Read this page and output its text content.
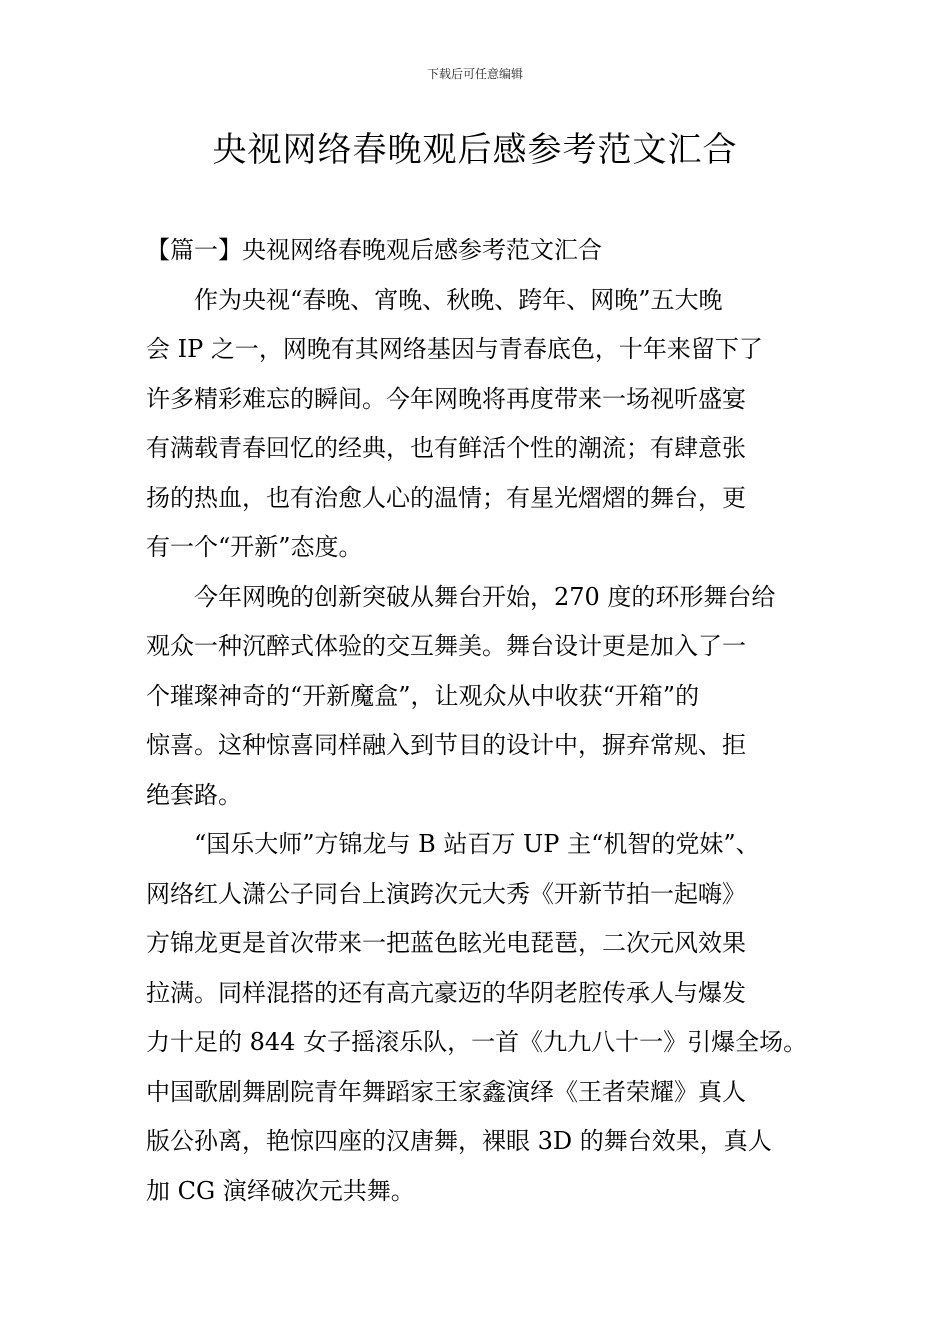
下载后可任意编辑
央视网络春晚观后感参考范文汇合
【篇一】央视网络春晚观后感参考范文汇合
作为央视“春晚、宵晚、秋晚、跨年、网晚”五大晚
会 IP 之一，网晚有其网络基因与青春底色，十年来留下了
许多精彩难忘的瞬间。今年网晚将再度带来一场视听盛宴
有满载青春回忆的经典，也有鲜活个性的潮流；有肆意张
扬的热血，也有治愈人心的温情；有星光熠熠的舞台，更
有一个“开新”态度。
今年网晚的创新突破从舞台开始，270 度的环形舞台给
观众一种沉醉式体验的交互舞美。舞台设计更是加入了一
个璀璨神奇的“开新魔盒”，让观众从中收获“开箱”的
惊喜。这种惊喜同样融入到节目的设计中，摒弃常规、拒
绝套路。
“国乐大师”方锦龙与 B 站百万 UP 主“机智的党妹”、
网络红人潇公子同台上演跨次元大秀《开新节拍一起嗨》
方锦龙更是首次带来一把蓝色眩光电琵琶，二次元风效果
拉满。同样混搭的还有高亢豪迈的华阴老腔传承人与爆发
力十足的 844 女子摇滚乐队，一首《九九八十一》引爆全场。
中国歌剧舞剧院青年舞蹈家王家鑫演绎《王者荣耀》真人
版公孙离，艳惊四座的汉唐舞，裸眼 3D 的舞台效果，真人
加 CG 演绎破次元共舞。
